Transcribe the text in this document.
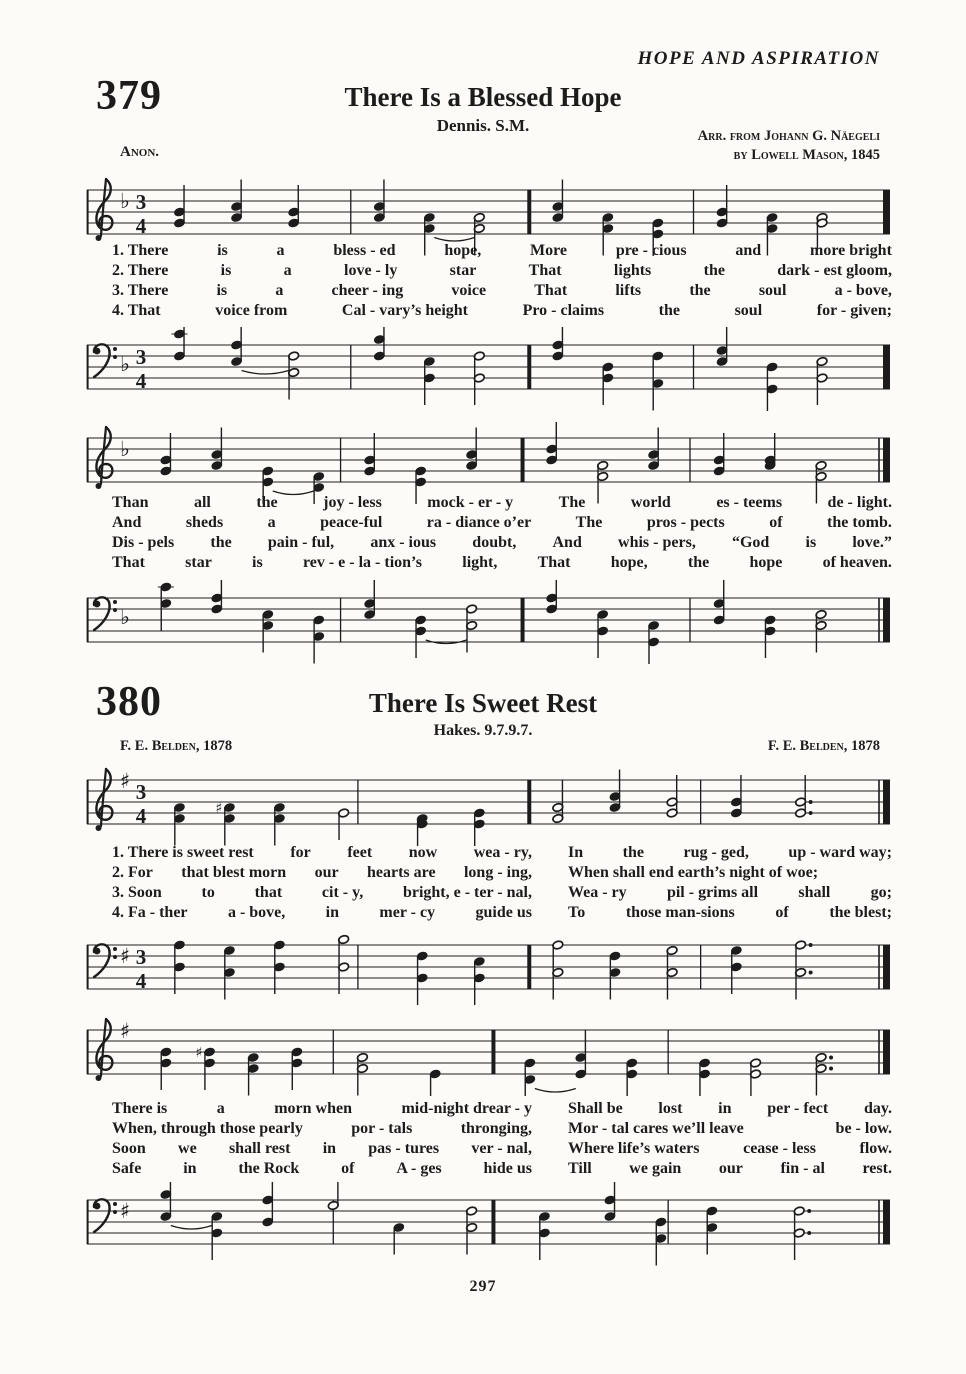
HOPE AND ASPIRATION
379	There Is a Blessed Hope
Dennis. S.M.
Anon.
Arr. from Johann G. Näegeli
by Lowell Mason, 1845
♭ 3
4
1. There	is	a	bless - ed	hope,	More	pre - cious	and	more bright
2. There	is	a	love - ly	star	That	lights	the	dark - est gloom,
3. There	is	a	cheer - ing	voice	That	lifts	the	soul	a - bove,
4. That	voice from	Cal - vary’s height	Pro - claims	the	soul	for - given;
♭ 3
4
♭
Than	all	the	joy - less	mock - er - y	The	world	es - teems	de - light.
And	sheds	a	peace-ful	ra - diance o’er	The	pros - pects	of	the tomb.
Dis - pels the pain - ful, anx - ious doubt, And whis - pers, “God is love.”
That	star	is	rev - e - la - tion’s	light,	That	hope,	the	hope	of heaven.
♭
380	There Is Sweet Rest
Hakes. 9.7.9.7.
F. E. Belden, 1878	F. E. Belden, 1878
♯ 3
4	♯
1. There is sweet rest for feet now wea - ry, In the rug - ged, up - ward way;
2. For that blest morn our hearts are long - ing, When shall end earth’s night of woe;
3. Soon to that cit - y, bright, e - ter - nal, Wea - ry	pil - grims all	shall	go;
4. Fa - ther	a - bove,	in	mer - cy	guide us To	those man-sions	of	the blest;
♯ 3
4
♯
♯
There is	a	morn when	mid-night drear - y Shall be lost in per - fect day.
When, through those pearly	por - tals	thronging, Mor - tal cares we’ll leave	be - low.
Soon we shall rest in pas - tures ver - nal, Where life’s waters	cease - less	flow.
Safe	in	the Rock	of	A - ges	hide us Till we gain our fin - al rest.
♯
297
